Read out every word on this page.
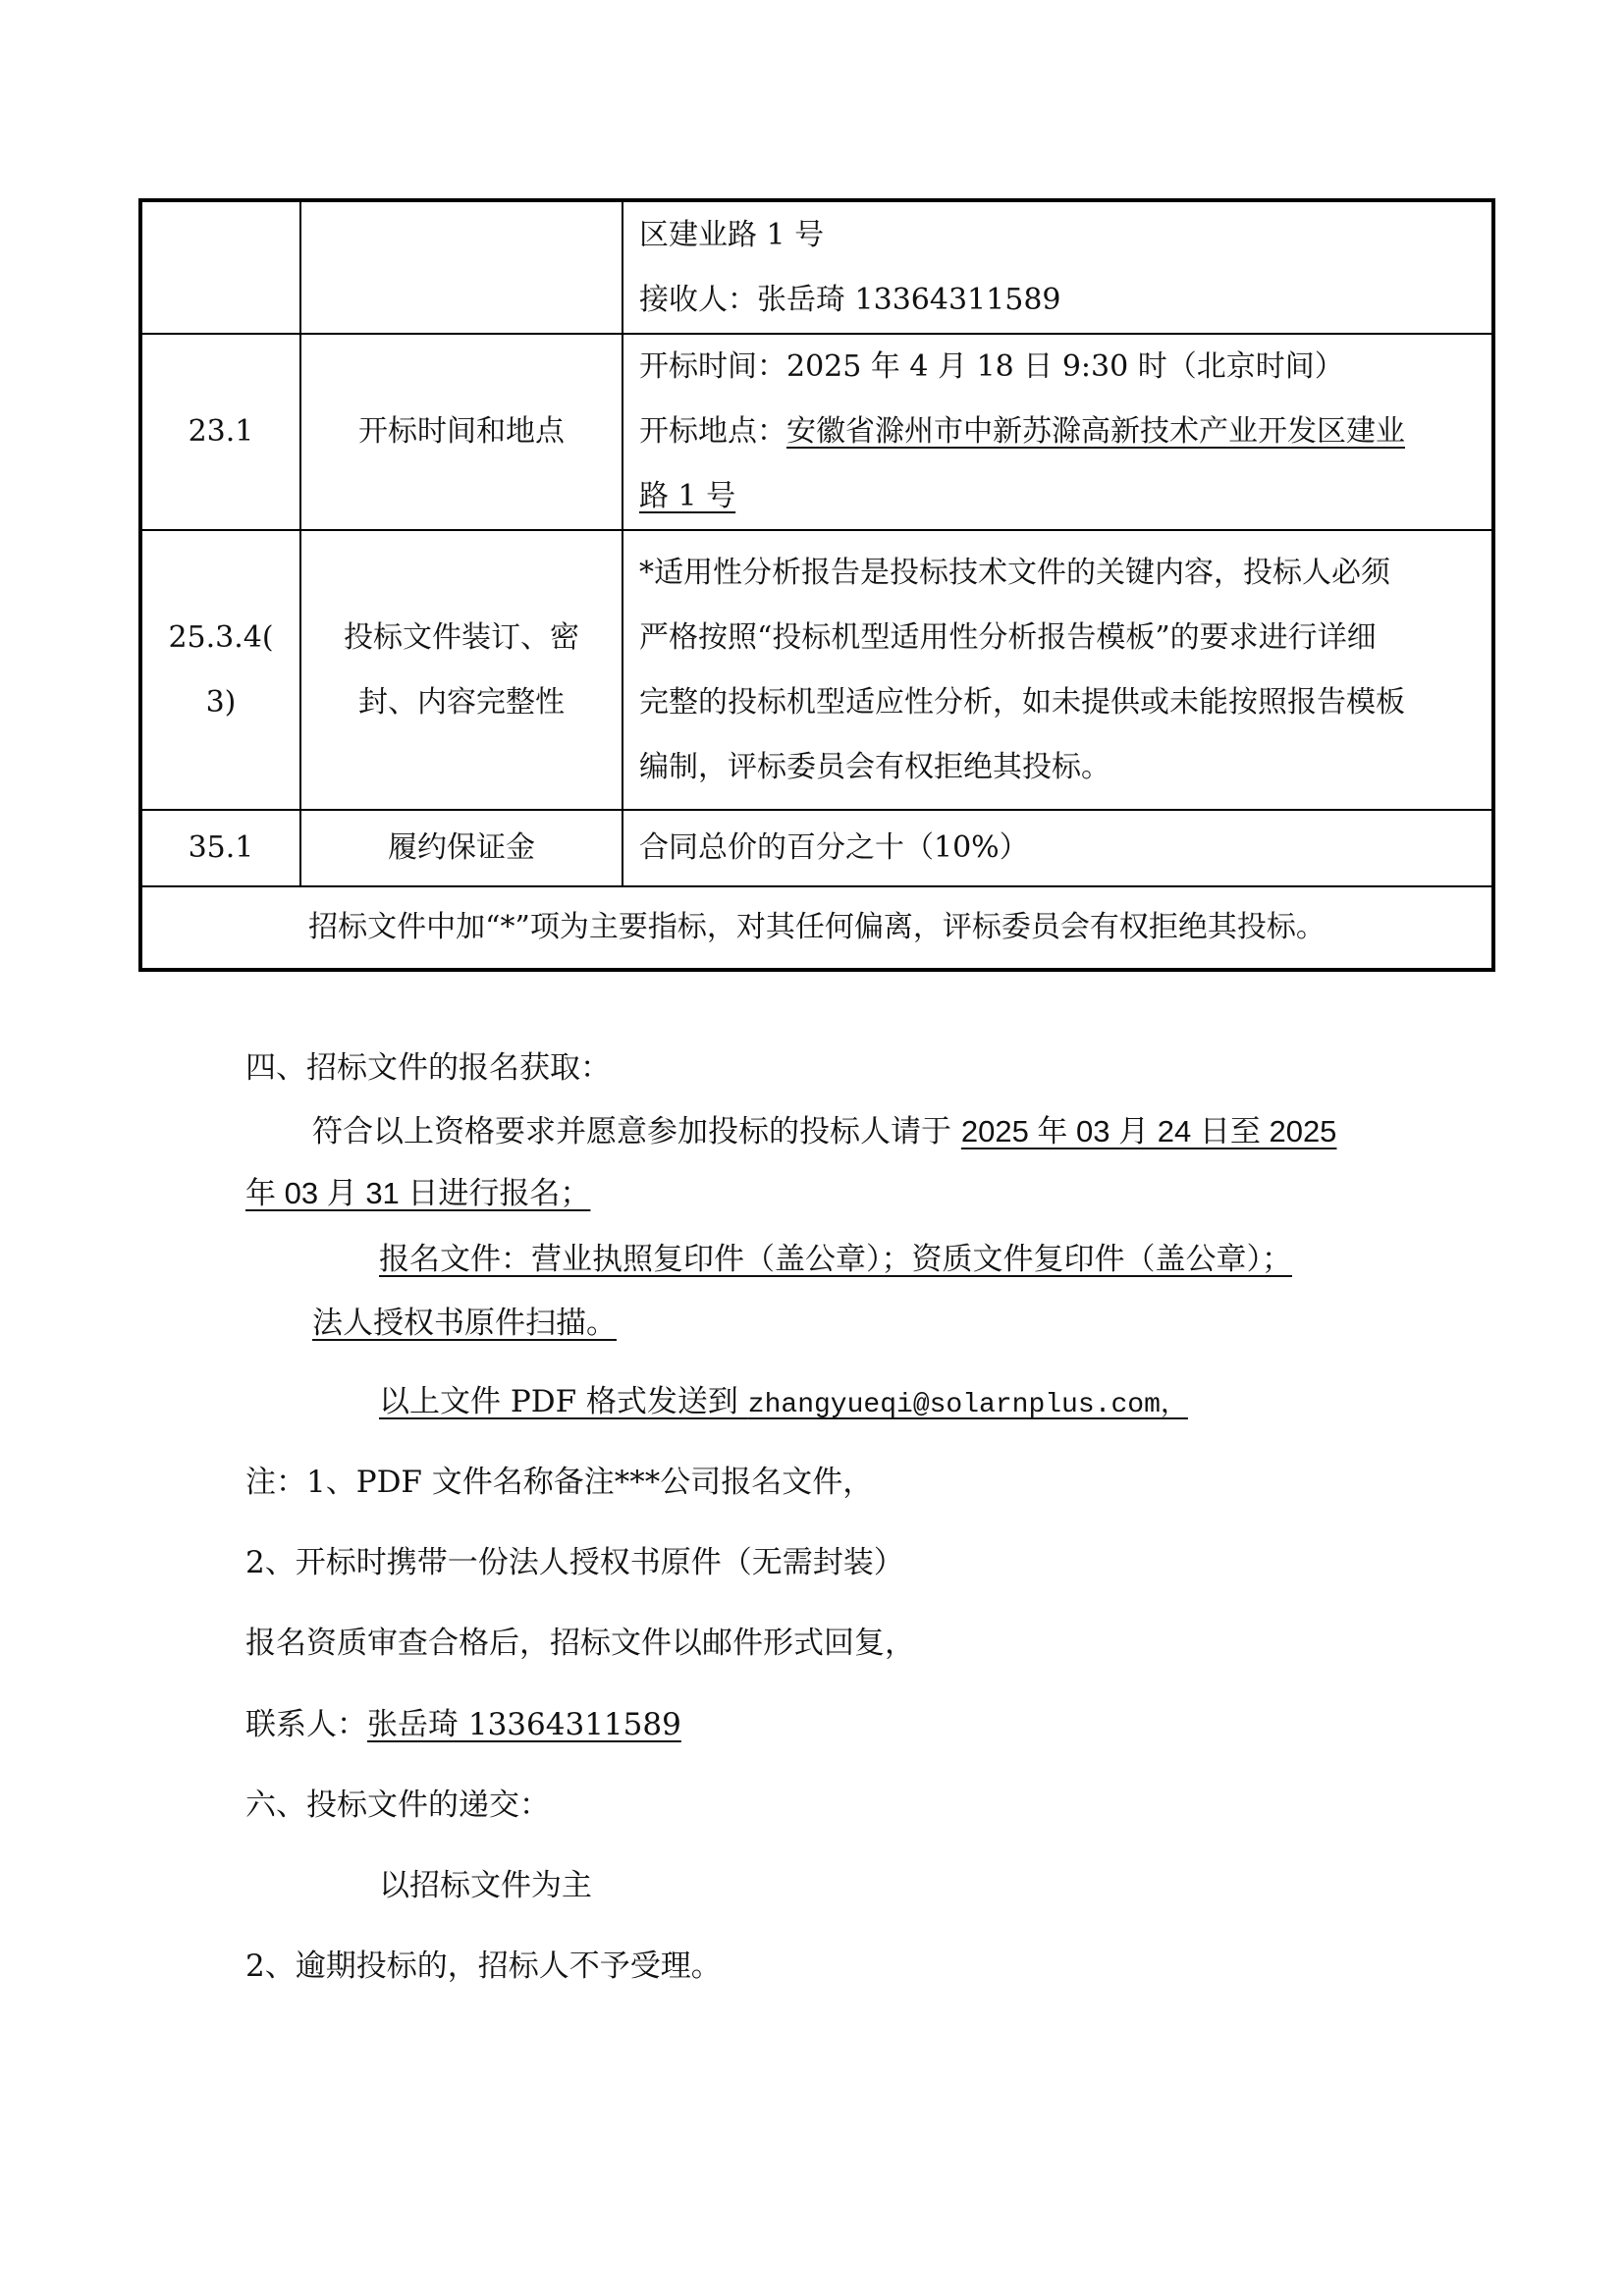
		区建业路 1 号
接收人：张岳琦 13364311589

23.1	开标时间和地点	开标时间：2025 年 4 月 18 日 9:30 时（北京时间）
开标地点：安徽省滁州市中新苏滁高新技术产业开发区建业
路 1 号

25.3.4(
3)	投标文件装订、密
封、内容完整性	*适用性分析报告是投标技术文件的关键内容，投标人必须
严格按照“投标机型适用性分析报告模板”的要求进行详细
完整的投标机型适应性分析，如未提供或未能按照报告模板
编制，评标委员会有权拒绝其投标。

35.1	履约保证金	合同总价的百分之十（10%）
招标文件中加“*”项为主要指标，对其任何偏离，评标委员会有权拒绝其投标。		
四、招标文件的报名获取：
符合以上资格要求并愿意参加投标的投标人请于 2025 年 03 月 24 日至 2025
年 03 月 31 日进行报名；
报名文件：营业执照复印件（盖公章）；资质文件复印件（盖公章）；
法人授权书原件扫描。
以上文件 PDF 格式发送到 zhangyueqi@solarnplus.com，
注：1、PDF 文件名称备注***公司报名文件，
2、开标时携带一份法人授权书原件（无需封装）
报名资质审查合格后，招标文件以邮件形式回复，
联系人：张岳琦 13364311589
六、投标文件的递交：
以招标文件为主
2、逾期投标的，招标人不予受理。
